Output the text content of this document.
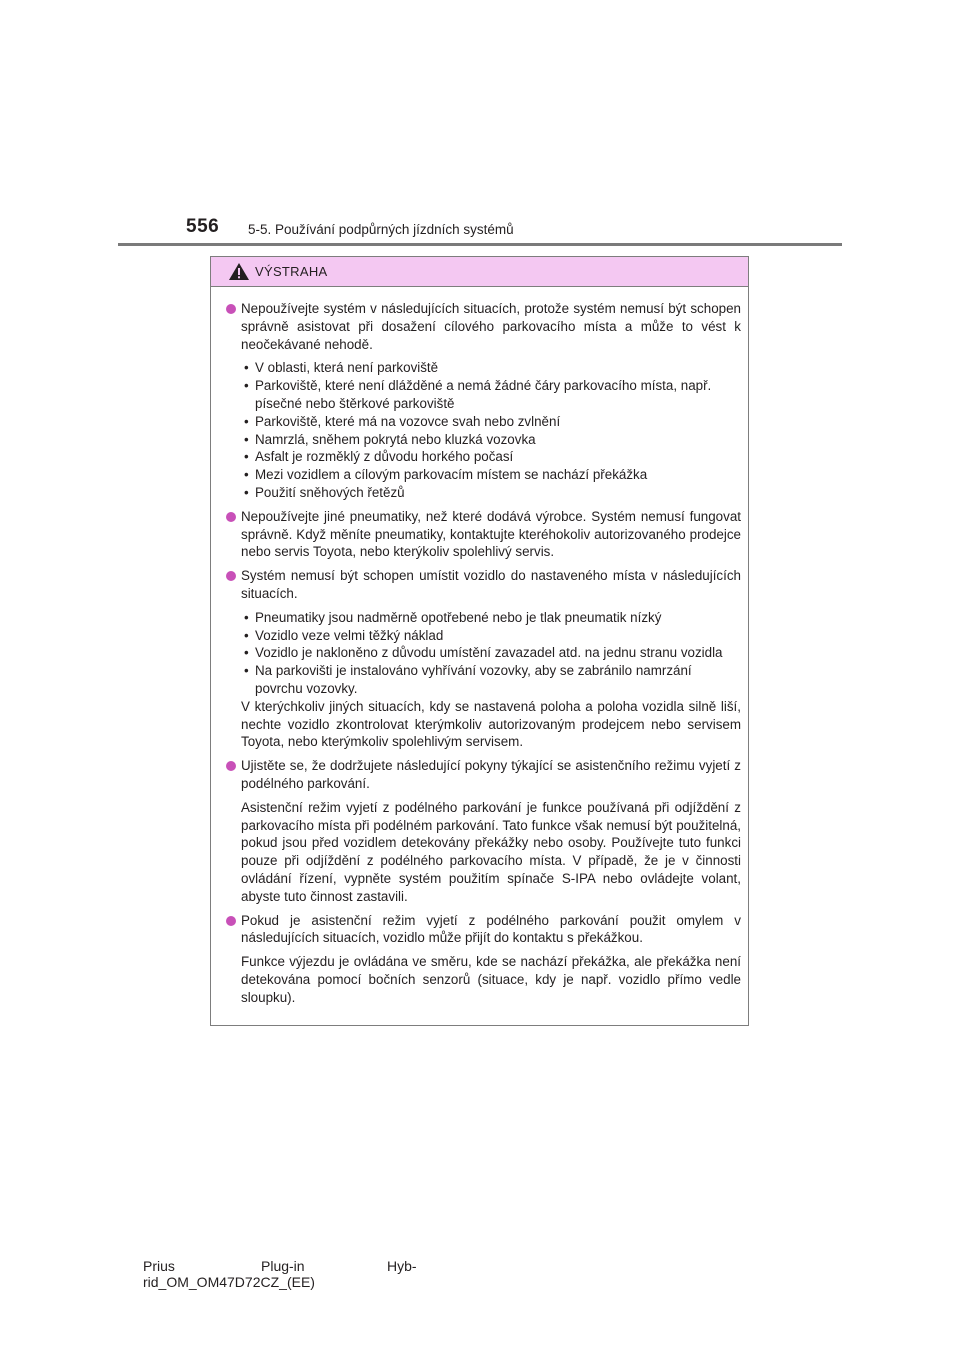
556 5-5. Používání podpůrných jízdních systémů
VÝSTRAHA
Nepoužívejte systém v následujících situacích, protože systém nemusí být schopen správně asistovat při dosažení cílového parkovacího místa a může to vést k neočekávané nehodě.
• V oblasti, která není parkoviště
• Parkoviště, které není dlážděné a nemá žádné čáry parkovacího místa, např. písečné nebo štěrkové parkoviště
• Parkoviště, které má na vozovce svah nebo zvlnění
• Namrzlá, sněhem pokrytá nebo kluzká vozovka
• Asfalt je rozměklý z důvodu horkého počasí
• Mezi vozidlem a cílovým parkovacím místem se nachází překážka
• Použití sněhových řetězů
Nepoužívejte jiné pneumatiky, než které dodává výrobce. Systém nemusí fungovat správně. Když měníte pneumatiky, kontaktujte kteréhokoliv autorizovaného prodejce nebo servis Toyota, nebo kterýkoliv spolehlivý servis.
Systém nemusí být schopen umístit vozidlo do nastaveného místa v následujících situacích.
• Pneumatiky jsou nadměrně opotřebené nebo je tlak pneumatik nízký
• Vozidlo veze velmi těžký náklad
• Vozidlo je nakloněno z důvodu umístění zavazadel atd. na jednu stranu vozidla
• Na parkovišti je instalováno vyhřívání vozovky, aby se zabránilo namrzání povrchu vozovky.
V kterýchkoliv jiných situacích, kdy se nastavená poloha a poloha vozidla silně liší, nechte vozidlo zkontrolovat kterýmkoliv autorizovaným prodejcem nebo servisem Toyota, nebo kterýmkoliv spolehlivým servisem.
Ujistěte se, že dodržujete následující pokyny týkající se asistenčního režimu vyjetí z podélného parkování.
Asistenční režim vyjetí z podélného parkování je funkce používaná při odjíždění z parkovacího místa při podélném parkování. Tato funkce však nemusí být použitelná, pokud jsou před vozidlem detekovány překážky nebo osoby. Používejte tuto funkci pouze při odjíždění z podélného parkovacího místa. V případě, že je v činnosti ovládání řízení, vypněte systém použitím spínače S-IPA nebo ovládejte volant, abyste tuto činnost zastavili.
Pokud je asistenční režim vyjetí z podélného parkování použit omylem v následujících situacích, vozidlo může přijít do kontaktu s překážkou.
Funkce výjezdu je ovládána ve směru, kde se nachází překážka, ale překážka není detekována pomocí bočních senzorů (situace, kdy je např. vozidlo přímo vedle sloupku).
Prius	Plug-in	Hyb-
rid_OM_OM47D72CZ_(EE)
